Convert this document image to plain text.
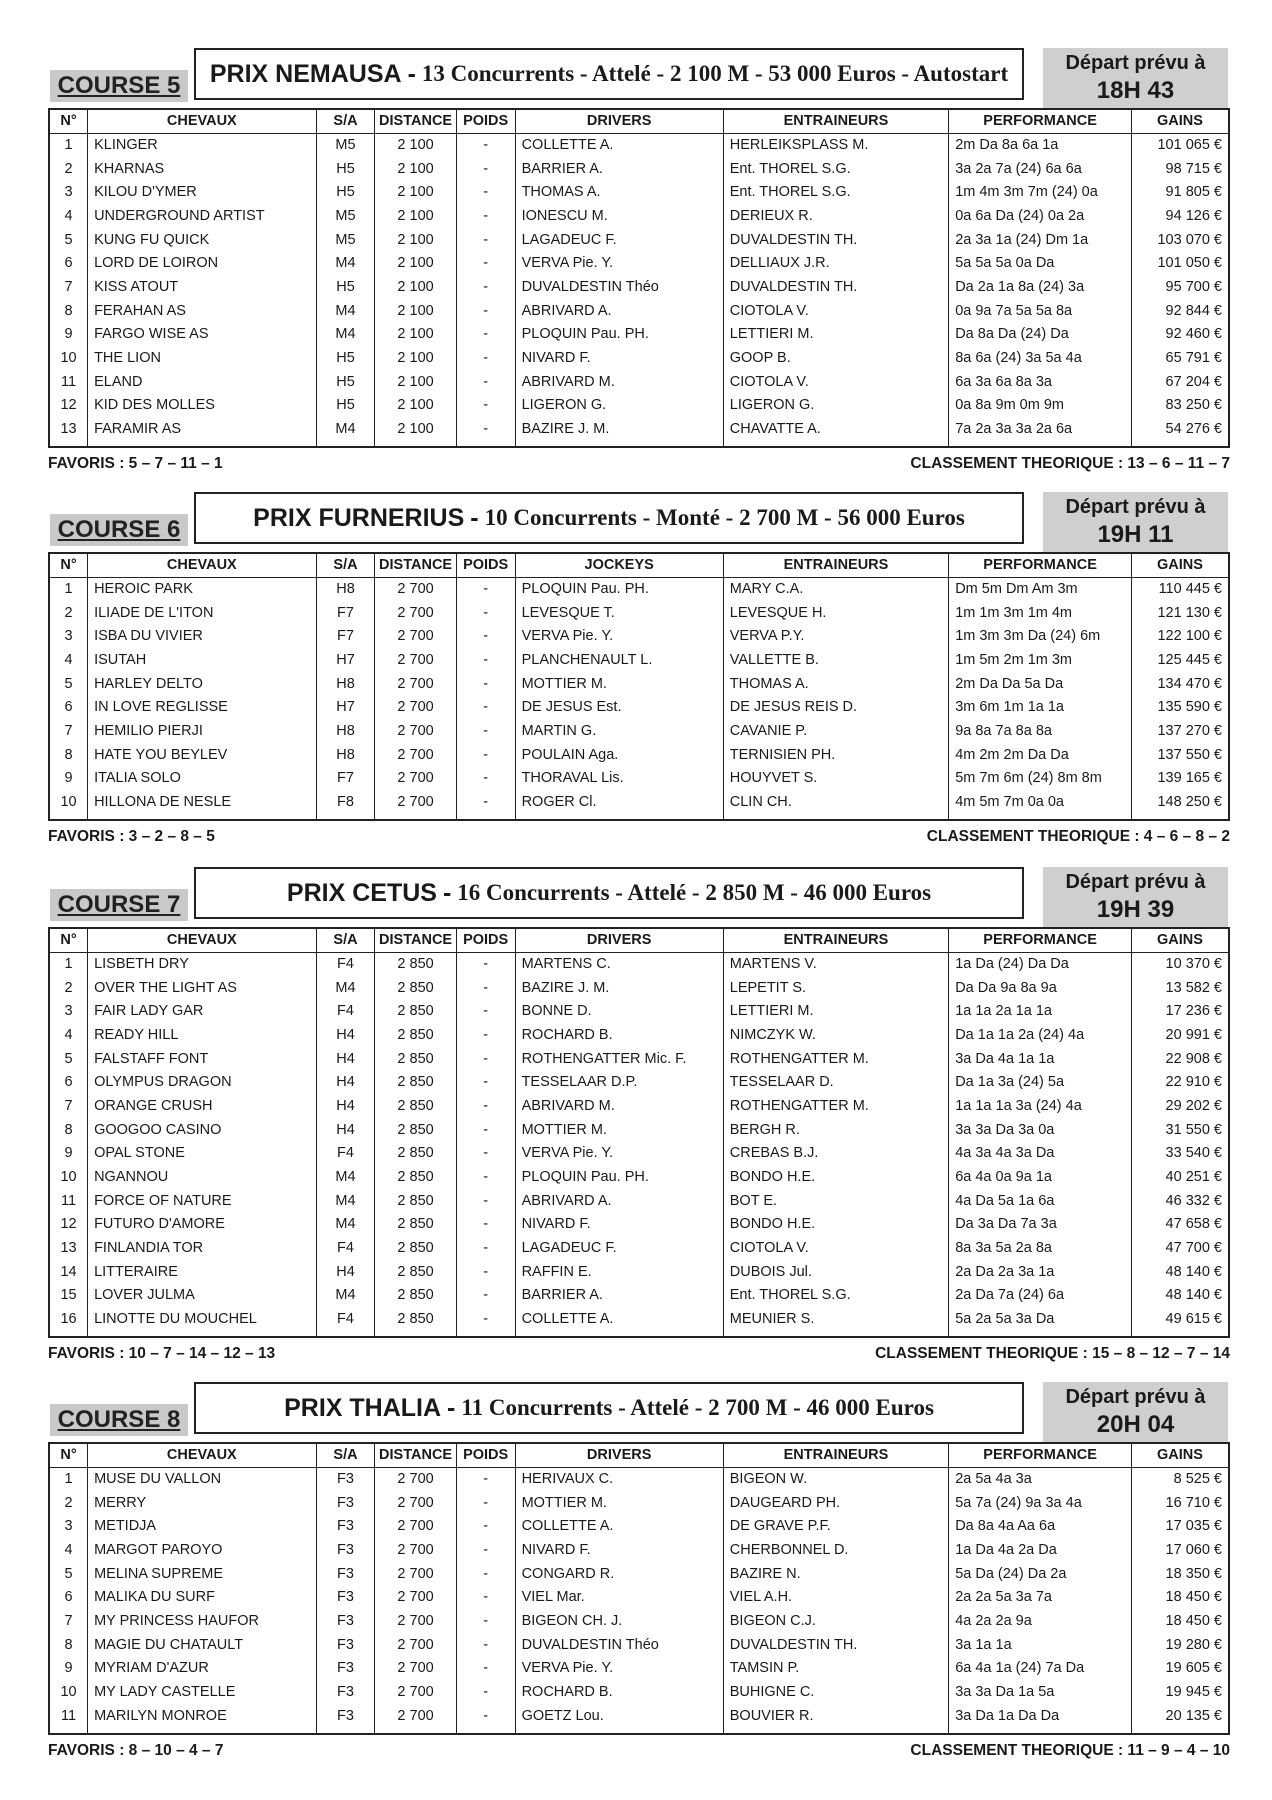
COURSE 5	PRIX NEMAUSA - 13 Concurrents - Attelé - 2 100 M - 53 000 Euros - Autostart	Départ prévu à
18H 43
N°	CHEVAUX	S/A	DISTANCE	POIDS	DRIVERS	ENTRAINEURS	PERFORMANCE	GAINS
1	KLINGER	M5	2 100	-	COLLETTE A.	HERLEIKSPLASS M.	2m Da 8a 6a 1a	101 065 €
2	KHARNAS	H5	2 100	-	BARRIER A.	Ent. THOREL S.G.	3a 2a 7a (24) 6a 6a	98 715 €
3	KILOU D'YMER	H5	2 100	-	THOMAS A.	Ent. THOREL S.G.	1m 4m 3m 7m (24) 0a	91 805 €
4	UNDERGROUND ARTIST	M5	2 100	-	IONESCU M.	DERIEUX R.	0a 6a Da (24) 0a 2a	94 126 €
5	KUNG FU QUICK	M5	2 100	-	LAGADEUC F.	DUVALDESTIN TH.	2a 3a 1a (24) Dm 1a	103 070 €
6	LORD DE LOIRON	M4	2 100	-	VERVA Pie. Y.	DELLIAUX J.R.	5a 5a 5a 0a Da	101 050 €
7	KISS ATOUT	H5	2 100	-	DUVALDESTIN Théo	DUVALDESTIN TH.	Da 2a 1a 8a (24) 3a	95 700 €
8	FERAHAN AS	M4	2 100	-	ABRIVARD A.	CIOTOLA V.	0a 9a 7a 5a 5a 8a	92 844 €
9	FARGO WISE AS	M4	2 100	-	PLOQUIN Pau. PH.	LETTIERI M.	Da 8a Da (24) Da	92 460 €
10	THE LION	H5	2 100	-	NIVARD F.	GOOP B.	8a 6a (24) 3a 5a 4a	65 791 €
11	ELAND	H5	2 100	-	ABRIVARD M.	CIOTOLA V.	6a 3a 6a 8a 3a	67 204 €
12	KID DES MOLLES	H5	2 100	-	LIGERON G.	LIGERON G.	0a 8a 9m 0m 9m	83 250 €
13	FARAMIR AS	M4	2 100	-	BAZIRE J. M.	CHAVATTE A.	7a 2a 3a 3a 2a 6a	54 276 €

FAVORIS : 5 – 7 – 11 – 1	CLASSEMENT THEORIQUE : 13 – 6 – 11 – 7
COURSE 6	PRIX FURNERIUS - 10 Concurrents - Monté - 2 700 M - 56 000 Euros	Départ prévu à
19H 11
N°	CHEVAUX	S/A	DISTANCE	POIDS	JOCKEYS	ENTRAINEURS	PERFORMANCE	GAINS
1	HEROIC PARK	H8	2 700	-	PLOQUIN Pau. PH.	MARY C.A.	Dm 5m Dm Am 3m	110 445 €
2	ILIADE DE L'ITON	F7	2 700	-	LEVESQUE T.	LEVESQUE H.	1m 1m 3m 1m 4m	121 130 €
3	ISBA DU VIVIER	F7	2 700	-	VERVA Pie. Y.	VERVA P.Y.	1m 3m 3m Da (24) 6m	122 100 €
4	ISUTAH	H7	2 700	-	PLANCHENAULT L.	VALLETTE B.	1m 5m 2m 1m 3m	125 445 €
5	HARLEY DELTO	H8	2 700	-	MOTTIER M.	THOMAS A.	2m Da Da 5a Da	134 470 €
6	IN LOVE REGLISSE	H7	2 700	-	DE JESUS Est.	DE JESUS REIS D.	3m 6m 1m 1a 1a	135 590 €
7	HEMILIO PIERJI	H8	2 700	-	MARTIN G.	CAVANIE P.	9a 8a 7a 8a 8a	137 270 €
8	HATE YOU BEYLEV	H8	2 700	-	POULAIN Aga.	TERNISIEN PH.	4m 2m 2m Da Da	137 550 €
9	ITALIA SOLO	F7	2 700	-	THORAVAL Lis.	HOUYVET S.	5m 7m 6m (24) 8m 8m	139 165 €
10	HILLONA DE NESLE	F8	2 700	-	ROGER Cl.	CLIN CH.	4m 5m 7m 0a 0a	148 250 €

FAVORIS : 3 – 2 – 8 – 5	CLASSEMENT THEORIQUE : 4 – 6 – 8 – 2
COURSE 7	PRIX CETUS - 16 Concurrents - Attelé - 2 850 M - 46 000 Euros	Départ prévu à
19H 39
N°	CHEVAUX	S/A	DISTANCE	POIDS	DRIVERS	ENTRAINEURS	PERFORMANCE	GAINS
1	LISBETH DRY	F4	2 850	-	MARTENS C.	MARTENS V.	1a Da (24) Da Da	10 370 €
2	OVER THE LIGHT AS	M4	2 850	-	BAZIRE J. M.	LEPETIT S.	Da Da 9a 8a 9a	13 582 €
3	FAIR LADY GAR	F4	2 850	-	BONNE D.	LETTIERI M.	1a 1a 2a 1a 1a	17 236 €
4	READY HILL	H4	2 850	-	ROCHARD B.	NIMCZYK W.	Da 1a 1a 2a (24) 4a	20 991 €
5	FALSTAFF FONT	H4	2 850	-	ROTHENGATTER Mic. F.	ROTHENGATTER M.	3a Da 4a 1a 1a	22 908 €
6	OLYMPUS DRAGON	H4	2 850	-	TESSELAAR D.P.	TESSELAAR D.	Da 1a 3a (24) 5a	22 910 €
7	ORANGE CRUSH	H4	2 850	-	ABRIVARD M.	ROTHENGATTER M.	1a 1a 1a 3a (24) 4a	29 202 €
8	GOOGOO CASINO	H4	2 850	-	MOTTIER M.	BERGH R.	3a 3a Da 3a 0a	31 550 €
9	OPAL STONE	F4	2 850	-	VERVA Pie. Y.	CREBAS B.J.	4a 3a 4a 3a Da	33 540 €
10	NGANNOU	M4	2 850	-	PLOQUIN Pau. PH.	BONDO H.E.	6a 4a 0a 9a 1a	40 251 €
11	FORCE OF NATURE	M4	2 850	-	ABRIVARD A.	BOT E.	4a Da 5a 1a 6a	46 332 €
12	FUTURO D'AMORE	M4	2 850	-	NIVARD F.	BONDO H.E.	Da 3a Da 7a 3a	47 658 €
13	FINLANDIA TOR	F4	2 850	-	LAGADEUC F.	CIOTOLA V.	8a 3a 5a 2a 8a	47 700 €
14	LITTERAIRE	H4	2 850	-	RAFFIN E.	DUBOIS Jul.	2a Da 2a 3a 1a	48 140 €
15	LOVER JULMA	M4	2 850	-	BARRIER A.	Ent. THOREL S.G.	2a Da 7a (24) 6a	48 140 €
16	LINOTTE DU MOUCHEL	F4	2 850	-	COLLETTE A.	MEUNIER S.	5a 2a 5a 3a Da	49 615 €

FAVORIS : 10 – 7 – 14 – 12 – 13	CLASSEMENT THEORIQUE : 15 – 8 – 12 – 7 – 14
COURSE 8	PRIX THALIA - 11 Concurrents - Attelé - 2 700 M - 46 000 Euros	Départ prévu à
20H 04
N°	CHEVAUX	S/A	DISTANCE	POIDS	DRIVERS	ENTRAINEURS	PERFORMANCE	GAINS
1	MUSE DU VALLON	F3	2 700	-	HERIVAUX C.	BIGEON W.	2a 5a 4a 3a	8 525 €
2	MERRY	F3	2 700	-	MOTTIER M.	DAUGEARD PH.	5a 7a (24) 9a 3a 4a	16 710 €
3	METIDJA	F3	2 700	-	COLLETTE A.	DE GRAVE P.F.	Da 8a 4a Aa 6a	17 035 €
4	MARGOT PAROYO	F3	2 700	-	NIVARD F.	CHERBONNEL D.	1a Da 4a 2a Da	17 060 €
5	MELINA SUPREME	F3	2 700	-	CONGARD R.	BAZIRE N.	5a Da (24) Da 2a	18 350 €
6	MALIKA DU SURF	F3	2 700	-	VIEL Mar.	VIEL A.H.	2a 2a 5a 3a 7a	18 450 €
7	MY PRINCESS HAUFOR	F3	2 700	-	BIGEON CH. J.	BIGEON C.J.	4a 2a 2a 9a	18 450 €
8	MAGIE DU CHATAULT	F3	2 700	-	DUVALDESTIN Théo	DUVALDESTIN TH.	3a 1a 1a	19 280 €
9	MYRIAM D'AZUR	F3	2 700	-	VERVA Pie. Y.	TAMSIN P.	6a 4a 1a (24) 7a Da	19 605 €
10	MY LADY CASTELLE	F3	2 700	-	ROCHARD B.	BUHIGNE C.	3a 3a Da 1a 5a	19 945 €
11	MARILYN MONROE	F3	2 700	-	GOETZ Lou.	BOUVIER R.	3a Da 1a Da Da	20 135 €

FAVORIS : 8 – 10 – 4 – 7	CLASSEMENT THEORIQUE : 11 – 9 – 4 – 10
